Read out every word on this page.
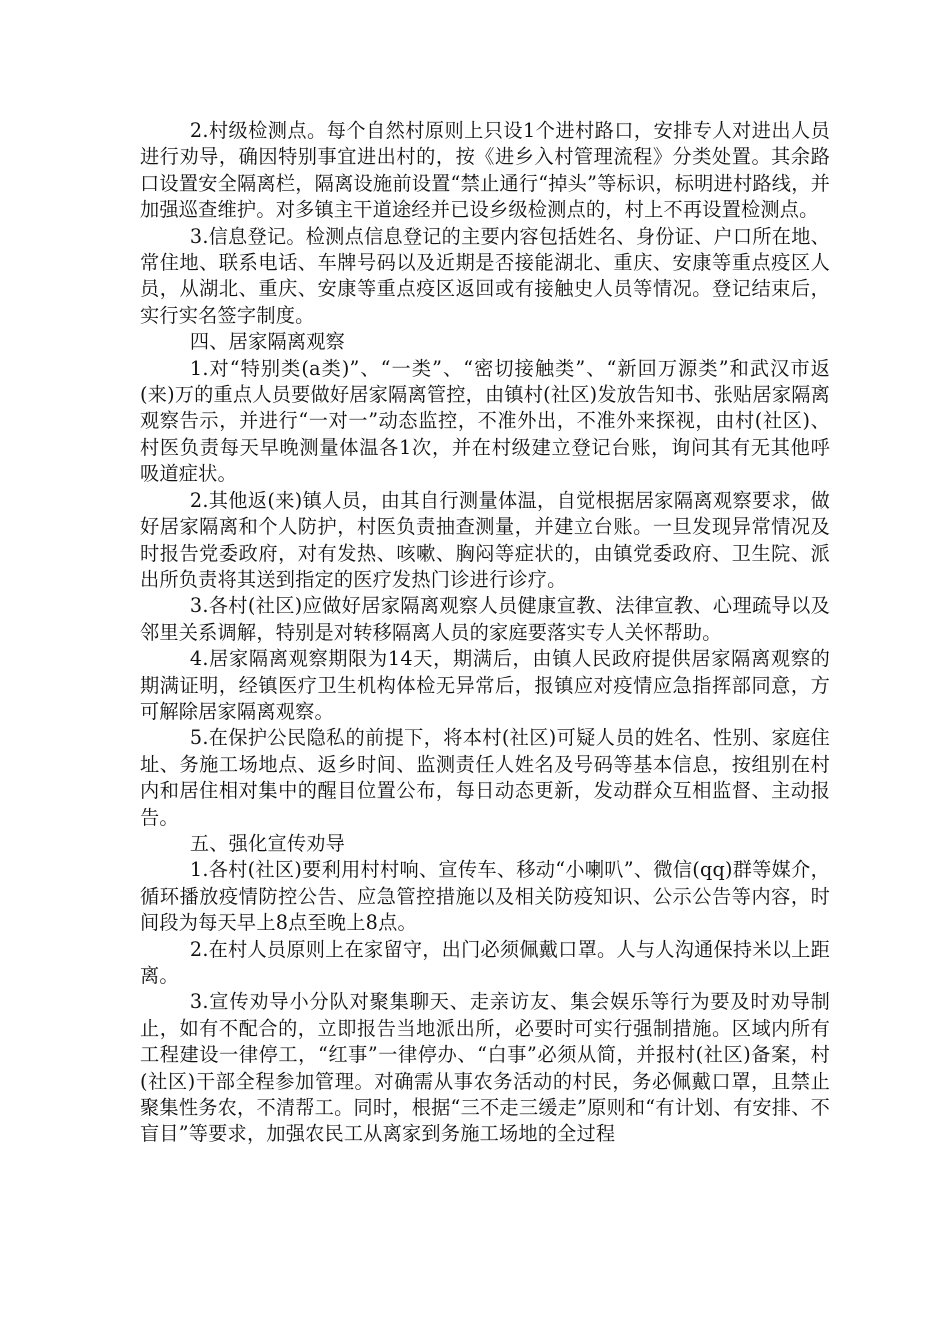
2.村级检测点。每个自然村原则上只设1个进村路口，安排专人对进出人员进行劝导，确因特别事宜进出村的，按《进乡入村管理流程》分类处置。其余路口设置安全隔离栏，隔离设施前设置“禁止通行“掉头”等标识，标明进村路线，并加强巡查维护。对多镇主干道途经并已设乡级检测点的，村上不再设置检测点。

3.信息登记。检测点信息登记的主要内容包括姓名、身份证、户口所在地、常住地、联系电话、车牌号码以及近期是否接能湖北、重庆、安康等重点疫区人员，从湖北、重庆、安康等重点疫区返回或有接触史人员等情况。登记结束后，实行实名签字制度。

四、居家隔离观察

1.对“特别类(a类)”、“一类”、“密切接触类”、“新回万源类”和武汉市返(来)万的重点人员要做好居家隔离管控，由镇村(社区)发放告知书、张贴居家隔离观察告示，并进行“一对一”动态监控，不准外出，不准外来探视，由村(社区)、村医负责每天早晚测量体温各1次，并在村级建立登记台账，询问其有无其他呼吸道症状。

2.其他返(来)镇人员，由其自行测量体温，自觉根据居家隔离观察要求，做好居家隔离和个人防护，村医负责抽查测量，并建立台账。一旦发现异常情况及时报告党委政府，对有发热、咳嗽、胸闷等症状的，由镇党委政府、卫生院、派出所负责将其送到指定的医疗发热门诊进行诊疗。

3.各村(社区)应做好居家隔离观察人员健康宣教、法律宣教、心理疏导以及邻里关系调解，特别是对转移隔离人员的家庭要落实专人关怀帮助。

4.居家隔离观察期限为14天，期满后，由镇人民政府提供居家隔离观察的期满证明，经镇医疗卫生机构体检无异常后，报镇应对疫情应急指挥部同意，方可解除居家隔离观察。

5.在保护公民隐私的前提下，将本村(社区)可疑人员的姓名、性别、家庭住址、务施工场地点、返乡时间、监测责任人姓名及号码等基本信息，按组别在村内和居住相对集中的醒目位置公布，每日动态更新，发动群众互相监督、主动报告。

五、强化宣传劝导

1.各村(社区)要利用村村响、宣传车、移动“小喇叭”、微信(qq)群等媒介，循环播放疫情防控公告、应急管控措施以及相关防疫知识、公示公告等内容，时间段为每天早上8点至晚上8点。

2.在村人员原则上在家留守，出门必须佩戴口罩。人与人沟通保持米以上距离。

3.宣传劝导小分队对聚集聊天、走亲访友、集会娱乐等行为要及时劝导制止，如有不配合的，立即报告当地派出所，必要时可实行强制措施。区域内所有工程建设一律停工，“红事”一律停办、“白事”必须从简，并报村(社区)备案，村(社区)干部全程参加管理。对确需从事农务活动的村民，务必佩戴口罩，且禁止聚集性务农，不清帮工。同时，根据“三不走三缓走”原则和“有计划、有安排、不盲目”等要求，加强农民工从离家到务施工场地的全过程
